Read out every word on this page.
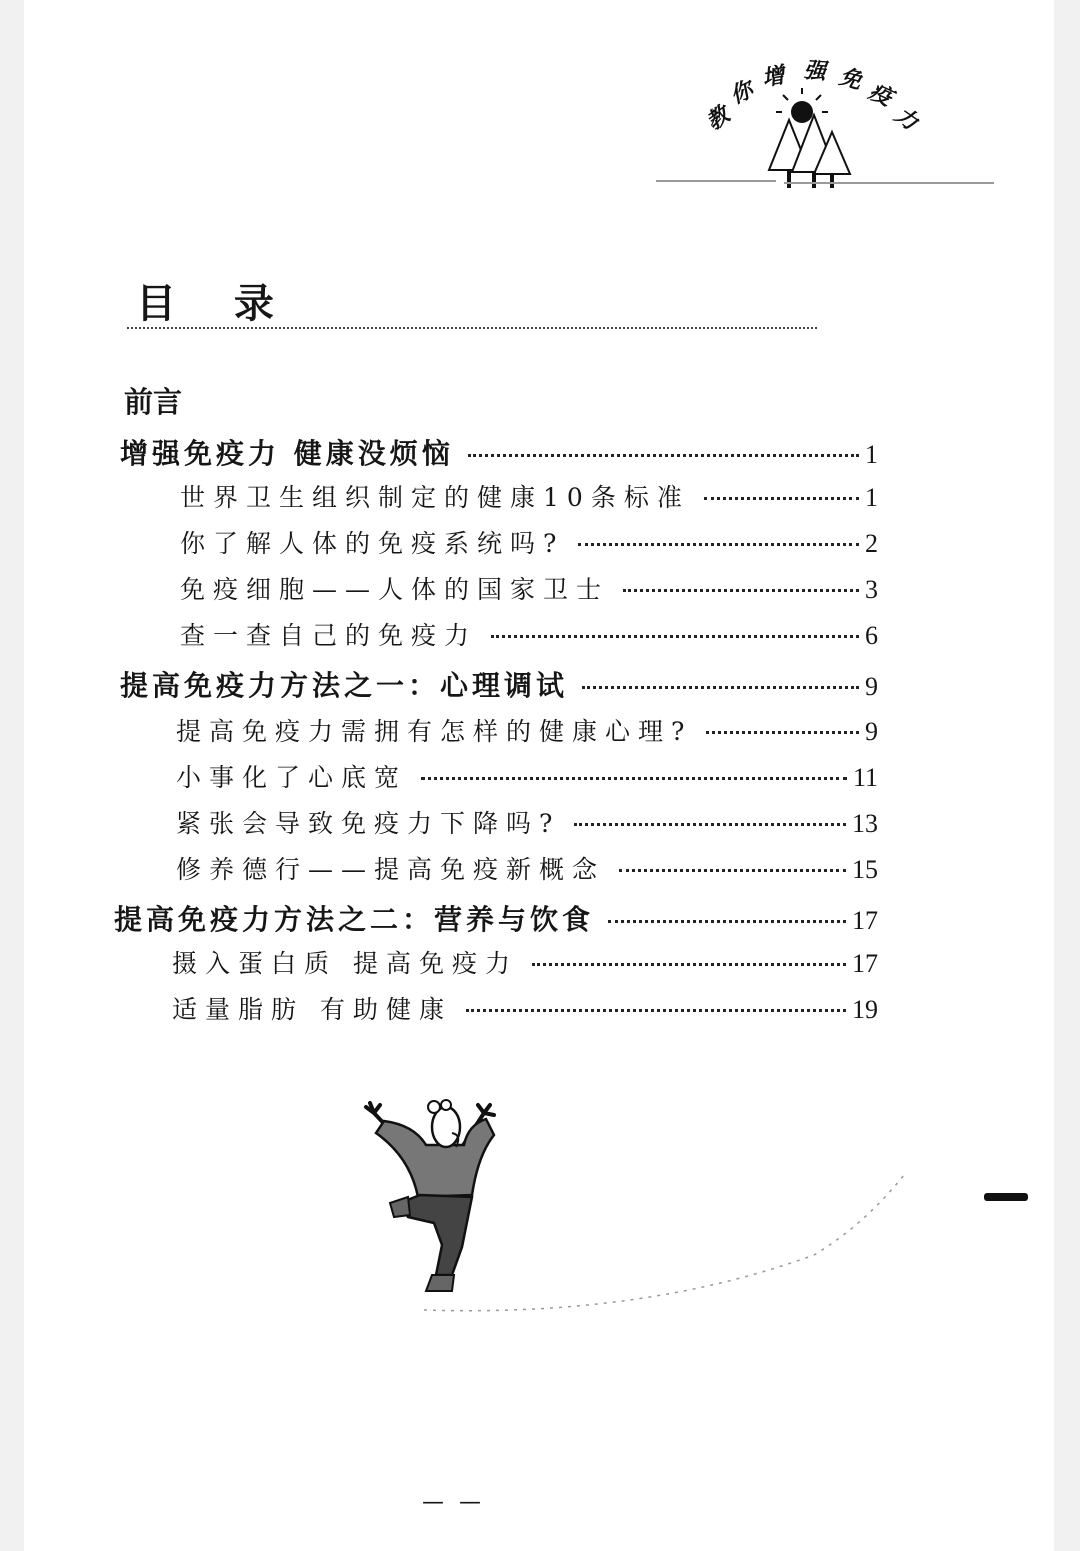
教
你 增 强 免 疫
力
目 录
前言
增强免疫力 健康没烦恼	1
世界卫生组织制定的健康10条标准	1
你了解人体的免疫系统吗?	2
免疫细胞——人体的国家卫士	3
查一查自己的免疫力	6
提高免疫力方法之一：心理调试	9
提高免疫力需拥有怎样的健康心理?	9
小事化了心底宽	11
紧张会导致免疫力下降吗?	13
修养德行——提高免疫新概念	15
提高免疫力方法之二：营养与饮食	17
摄入蛋白质 提高免疫力	17
适量脂肪 有助健康	19
— —
